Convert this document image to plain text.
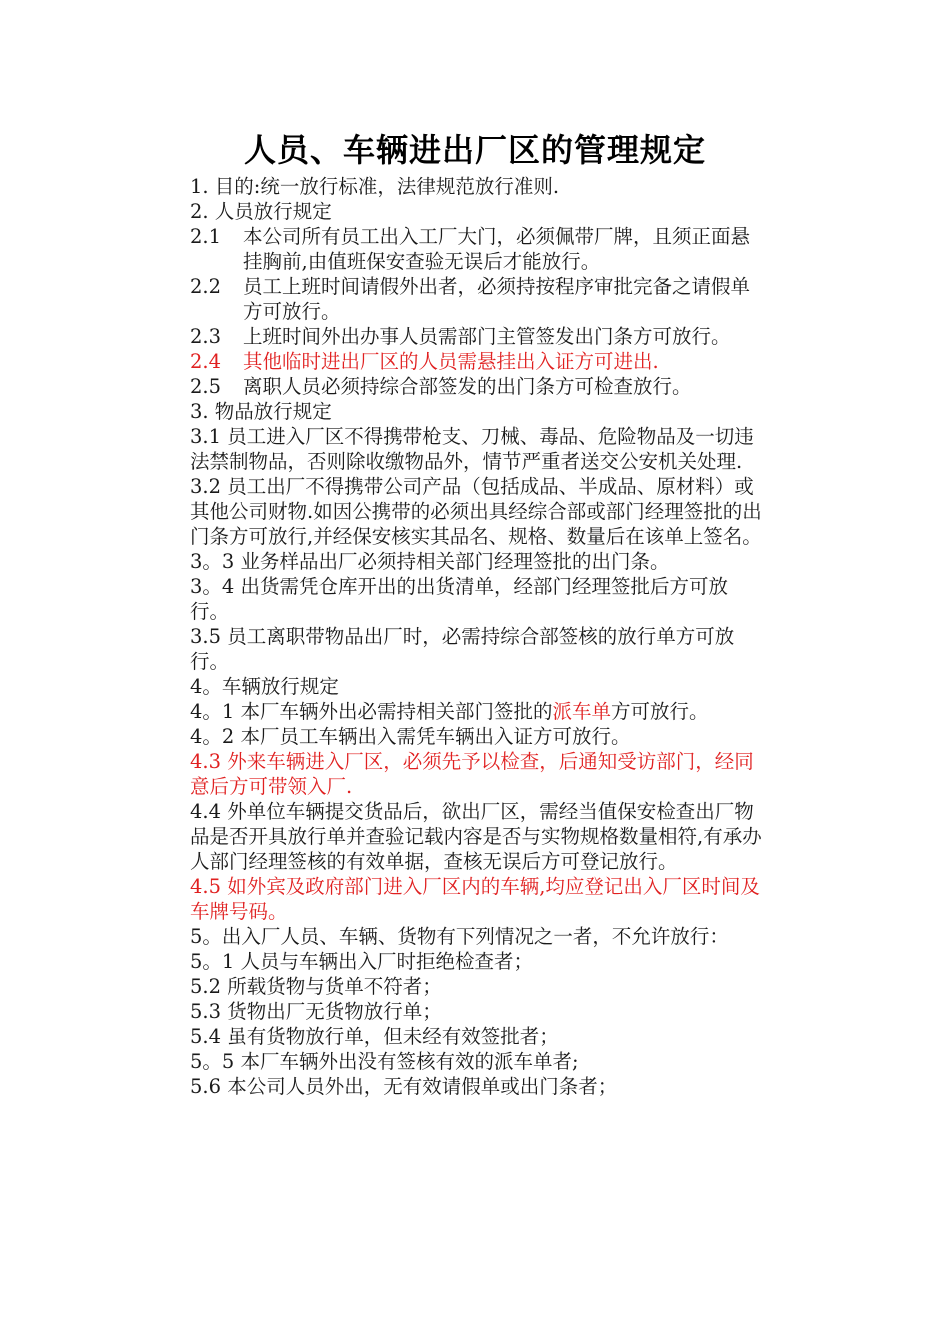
人员、车辆进出厂区的管理规定

1. 目的:统一放行标准，法律规范放行准则.

2. 人员放行规定

2.1	本公司所有员工出入工厂大门，必须佩带厂牌，且须正面悬挂胸前,由值班保安查验无误后才能放行。
2.2	员工上班时间请假外出者，必须持按程序审批完备之请假单方可放行。
2.3	上班时间外出办事人员需部门主管签发出门条方可放行。
2.4	其他临时进出厂区的人员需悬挂出入证方可进出.
2.5	离职人员必须持综合部签发的出门条方可检查放行。

3. 物品放行规定

3.1 员工进入厂区不得携带枪支、刀械、毒品、危险物品及一切违法禁制物品，否则除收缴物品外，情节严重者送交公安机关处理.

3.2 员工出厂不得携带公司产品（包括成品、半成品、原材料）或其他公司财物.如因公携带的必须出具经综合部或部门经理签批的出门条方可放行,并经保安核实其品名、规格、数量后在该单上签名。

3。3 业务样品出厂必须持相关部门经理签批的出门条。

3。4 出货需凭仓库开出的出货清单，经部门经理签批后方可放行。

3.5 员工离职带物品出厂时，必需持综合部签核的放行单方可放行。

4。车辆放行规定

4。1 本厂车辆外出必需持相关部门签批的派车单方可放行。

4。2 本厂员工车辆出入需凭车辆出入证方可放行。

4.3 外来车辆进入厂区，必须先予以检查，后通知受访部门，经同意后方可带领入厂.

4.4 外单位车辆提交货品后，欲出厂区，需经当值保安检查出厂物品是否开具放行单并查验记载内容是否与实物规格数量相符,有承办人部门经理签核的有效单据，查核无误后方可登记放行。

4.5 如外宾及政府部门进入厂区内的车辆,均应登记出入厂区时间及车牌号码。

5。出入厂人员、车辆、货物有下列情况之一者，不允许放行：

5。1 人员与车辆出入厂时拒绝检查者；

5.2 所载货物与货单不符者；

5.3 货物出厂无货物放行单；

5.4 虽有货物放行单，但未经有效签批者；

5。5 本厂车辆外出没有签核有效的派车单者;

5.6 本公司人员外出，无有效请假单或出门条者；
